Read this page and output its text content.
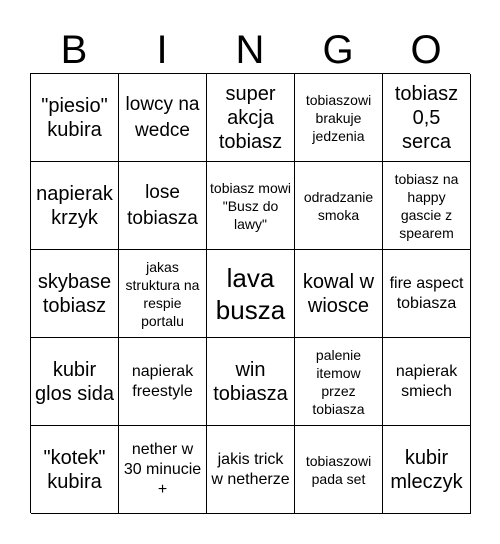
B	I	N	G	O
"piesio" kubira
lowcy na wedce
super akcja tobiasz
tobiaszowi brakuje jedzenia
tobiasz 0,5 serca
napierak krzyk
lose tobiasza
tobiasz mowi "Busz do lawy"
odradzanie smoka
tobiasz na happy gascie z spearem
skybase tobiasz
jakas struktura na respie portalu
lava busza
kowal w wiosce
fire aspect tobiasza
kubir glos sida
napierak freestyle
win tobiasza
palenie itemow przez tobiasza
napierak smiech
"kotek" kubira
nether w 30 minucie +
jakis trick w netherze
tobiaszowi pada set
kubir mleczyk
